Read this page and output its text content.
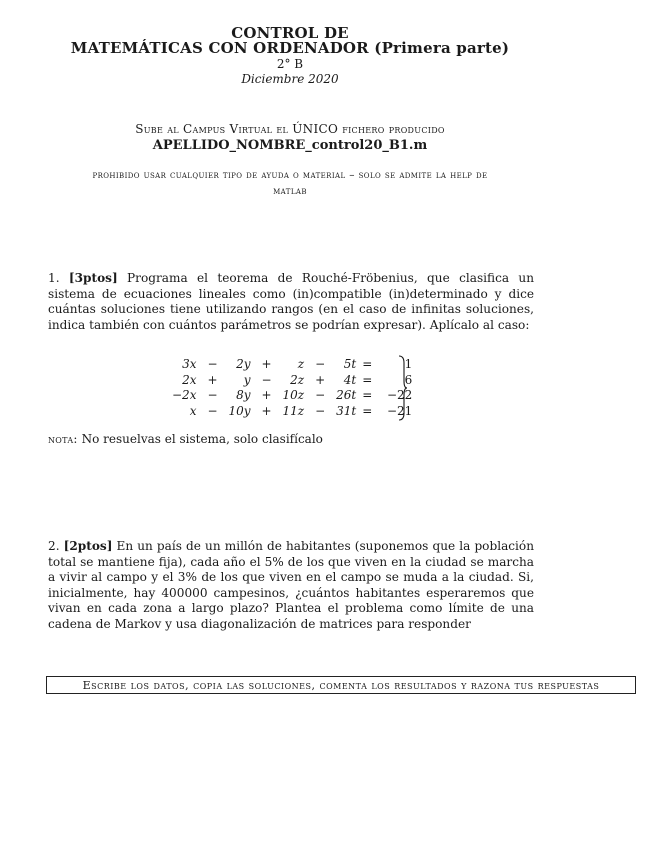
CONTROL DE
MATEMÁTICAS CON ORDENADOR (Primera parte)
2° B
Diciembre 2020
Sube al Campus Virtual el ÚNICO fichero producido
APELLIDO_NOMBRE_control20_B1.m
prohibido usar cualquier tipo de ayuda o material – solo se admite la help de matlab
1. [3ptos] Programa el teorema de Rouché-Fröbenius, que clasifica un sistema de ecuaciones lineales como (in)compatible (in)determinado y dice cuántas soluciones tiene utilizando rangos (en el caso de infinitas soluciones, indica también con cuántos parámetros se podrían expresar). Aplícalo al caso:
3x	−	2y	+	z	−	5t	=	1
2x	+	y	−	2z	+	4t	=	6
−2x	−	8y	+	10z	−	26t	=	−22
x	−	10y	+	11z	−	31t	=	−21
nota: No resuelvas el sistema, solo clasifícalo
2. [2ptos] En un país de un millón de habitantes (suponemos que la población total se mantiene fija), cada año el 5% de los que viven en la ciudad se marcha a vivir al campo y el 3% de los que viven en el campo se muda a la ciudad. Si, inicialmente, hay 400000 campesinos, ¿cuántos habitantes esperaremos que vivan en cada zona a largo plazo? Plantea el problema como límite de una cadena de Markov y usa diagonalización de matrices para responder
Escribe los datos, copia las soluciones, comenta los resultados y razona tus respuestas
